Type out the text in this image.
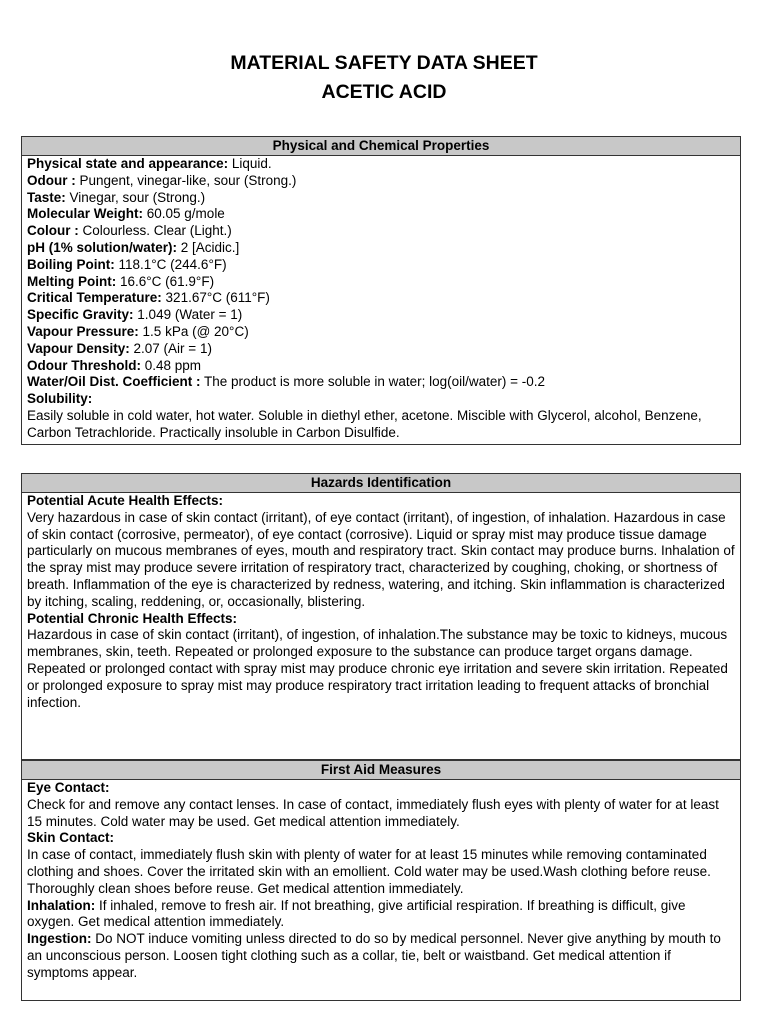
MATERIAL SAFETY DATA SHEET
ACETIC ACID
Physical and Chemical Properties
Physical state and appearance: Liquid.
Odour : Pungent, vinegar-like, sour (Strong.)
Taste: Vinegar, sour (Strong.)
Molecular Weight: 60.05 g/mole
Colour : Colourless. Clear (Light.)
pH (1% solution/water): 2 [Acidic.]
Boiling Point: 118.1°C (244.6°F)
Melting Point: 16.6°C (61.9°F)
Critical Temperature: 321.67°C (611°F)
Specific Gravity: 1.049 (Water = 1)
Vapour Pressure: 1.5 kPa (@ 20°C)
Vapour Density: 2.07 (Air = 1)
Odour Threshold: 0.48 ppm
Water/Oil Dist. Coefficient : The product is more soluble in water; log(oil/water) = -0.2
Solubility:

Easily soluble in cold water, hot water. Soluble in diethyl ether, acetone. Miscible with Glycerol, alcohol, Benzene, Carbon Tetrachloride. Practically insoluble in Carbon Disulfide.

Hazards Identification
Potential Acute Health Effects:

Very hazardous in case of skin contact (irritant), of eye contact (irritant), of ingestion, of inhalation. Hazardous in case of skin contact (corrosive, permeator), of eye contact (corrosive). Liquid or spray mist may produce tissue damage particularly on mucous membranes of eyes, mouth and respiratory tract. Skin contact may produce burns. Inhalation of the spray mist may produce severe irritation of respiratory tract, characterized by coughing, choking, or shortness of breath. Inflammation of the eye is characterized by redness, watering, and itching. Skin inflammation is characterized by itching, scaling, reddening, or, occasionally, blistering.

Potential Chronic Health Effects:

Hazardous in case of skin contact (irritant), of ingestion, of inhalation.The substance may be toxic to kidneys, mucous membranes, skin, teeth. Repeated or prolonged exposure to the substance can produce target organs damage. Repeated or prolonged contact with spray mist may produce chronic eye irritation and severe skin irritation. Repeated or prolonged exposure to spray mist may produce respiratory tract irritation leading to frequent attacks of bronchial infection.

First Aid Measures
Eye Contact:

Check for and remove any contact lenses. In case of contact, immediately flush eyes with plenty of water for at least 15 minutes. Cold water may be used. Get medical attention immediately.

Skin Contact:

In case of contact, immediately flush skin with plenty of water for at least 15 minutes while removing contaminated clothing and shoes. Cover the irritated skin with an emollient. Cold water may be used.Wash clothing before reuse. Thoroughly clean shoes before reuse. Get medical attention immediately.

Inhalation: If inhaled, remove to fresh air. If not breathing, give artificial respiration. If breathing is difficult, give oxygen. Get medical attention immediately.

Ingestion: Do NOT induce vomiting unless directed to do so by medical personnel. Never give anything by mouth to an unconscious person. Loosen tight clothing such as a collar, tie, belt or waistband. Get medical attention if symptoms appear.
